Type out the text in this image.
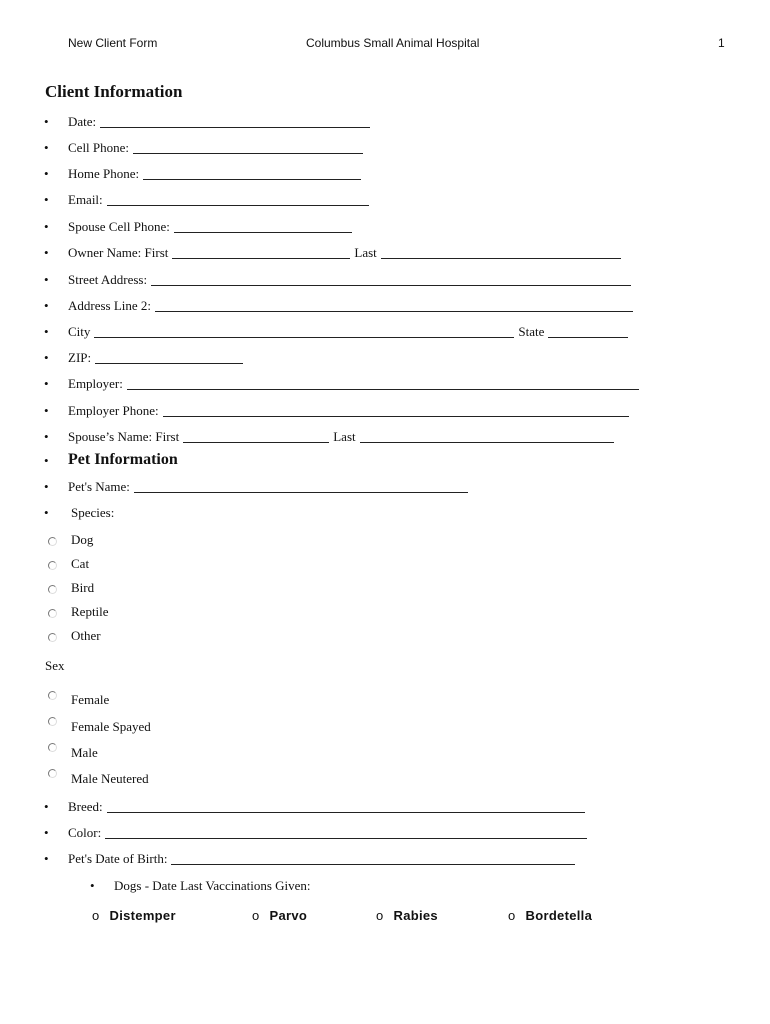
New Client Form	Columbus Small Animal Hospital	1
Client Information
•	Date:
•	Cell Phone:
•	Home Phone:
•	Email:
•	Spouse Cell Phone:
•	Owner Name: First	Last
•	Street Address:
•	Address Line 2:
•	City	State
•	ZIP:
•	Employer:
•	Employer Phone:
•	Spouse’s Name: First	Last
•	Pet Information
•	Pet's Name:
•	Species:
Dog
Cat
Bird
Reptile
Other
Sex
Female
Female Spayed
Male
Male Neutered
•	Breed:
•	Color:
•	Pet's Date of Birth:
•	Dogs - Date Last Vaccinations Given:
o Distemper	o Parvo	o Rabies	o Bordetella
